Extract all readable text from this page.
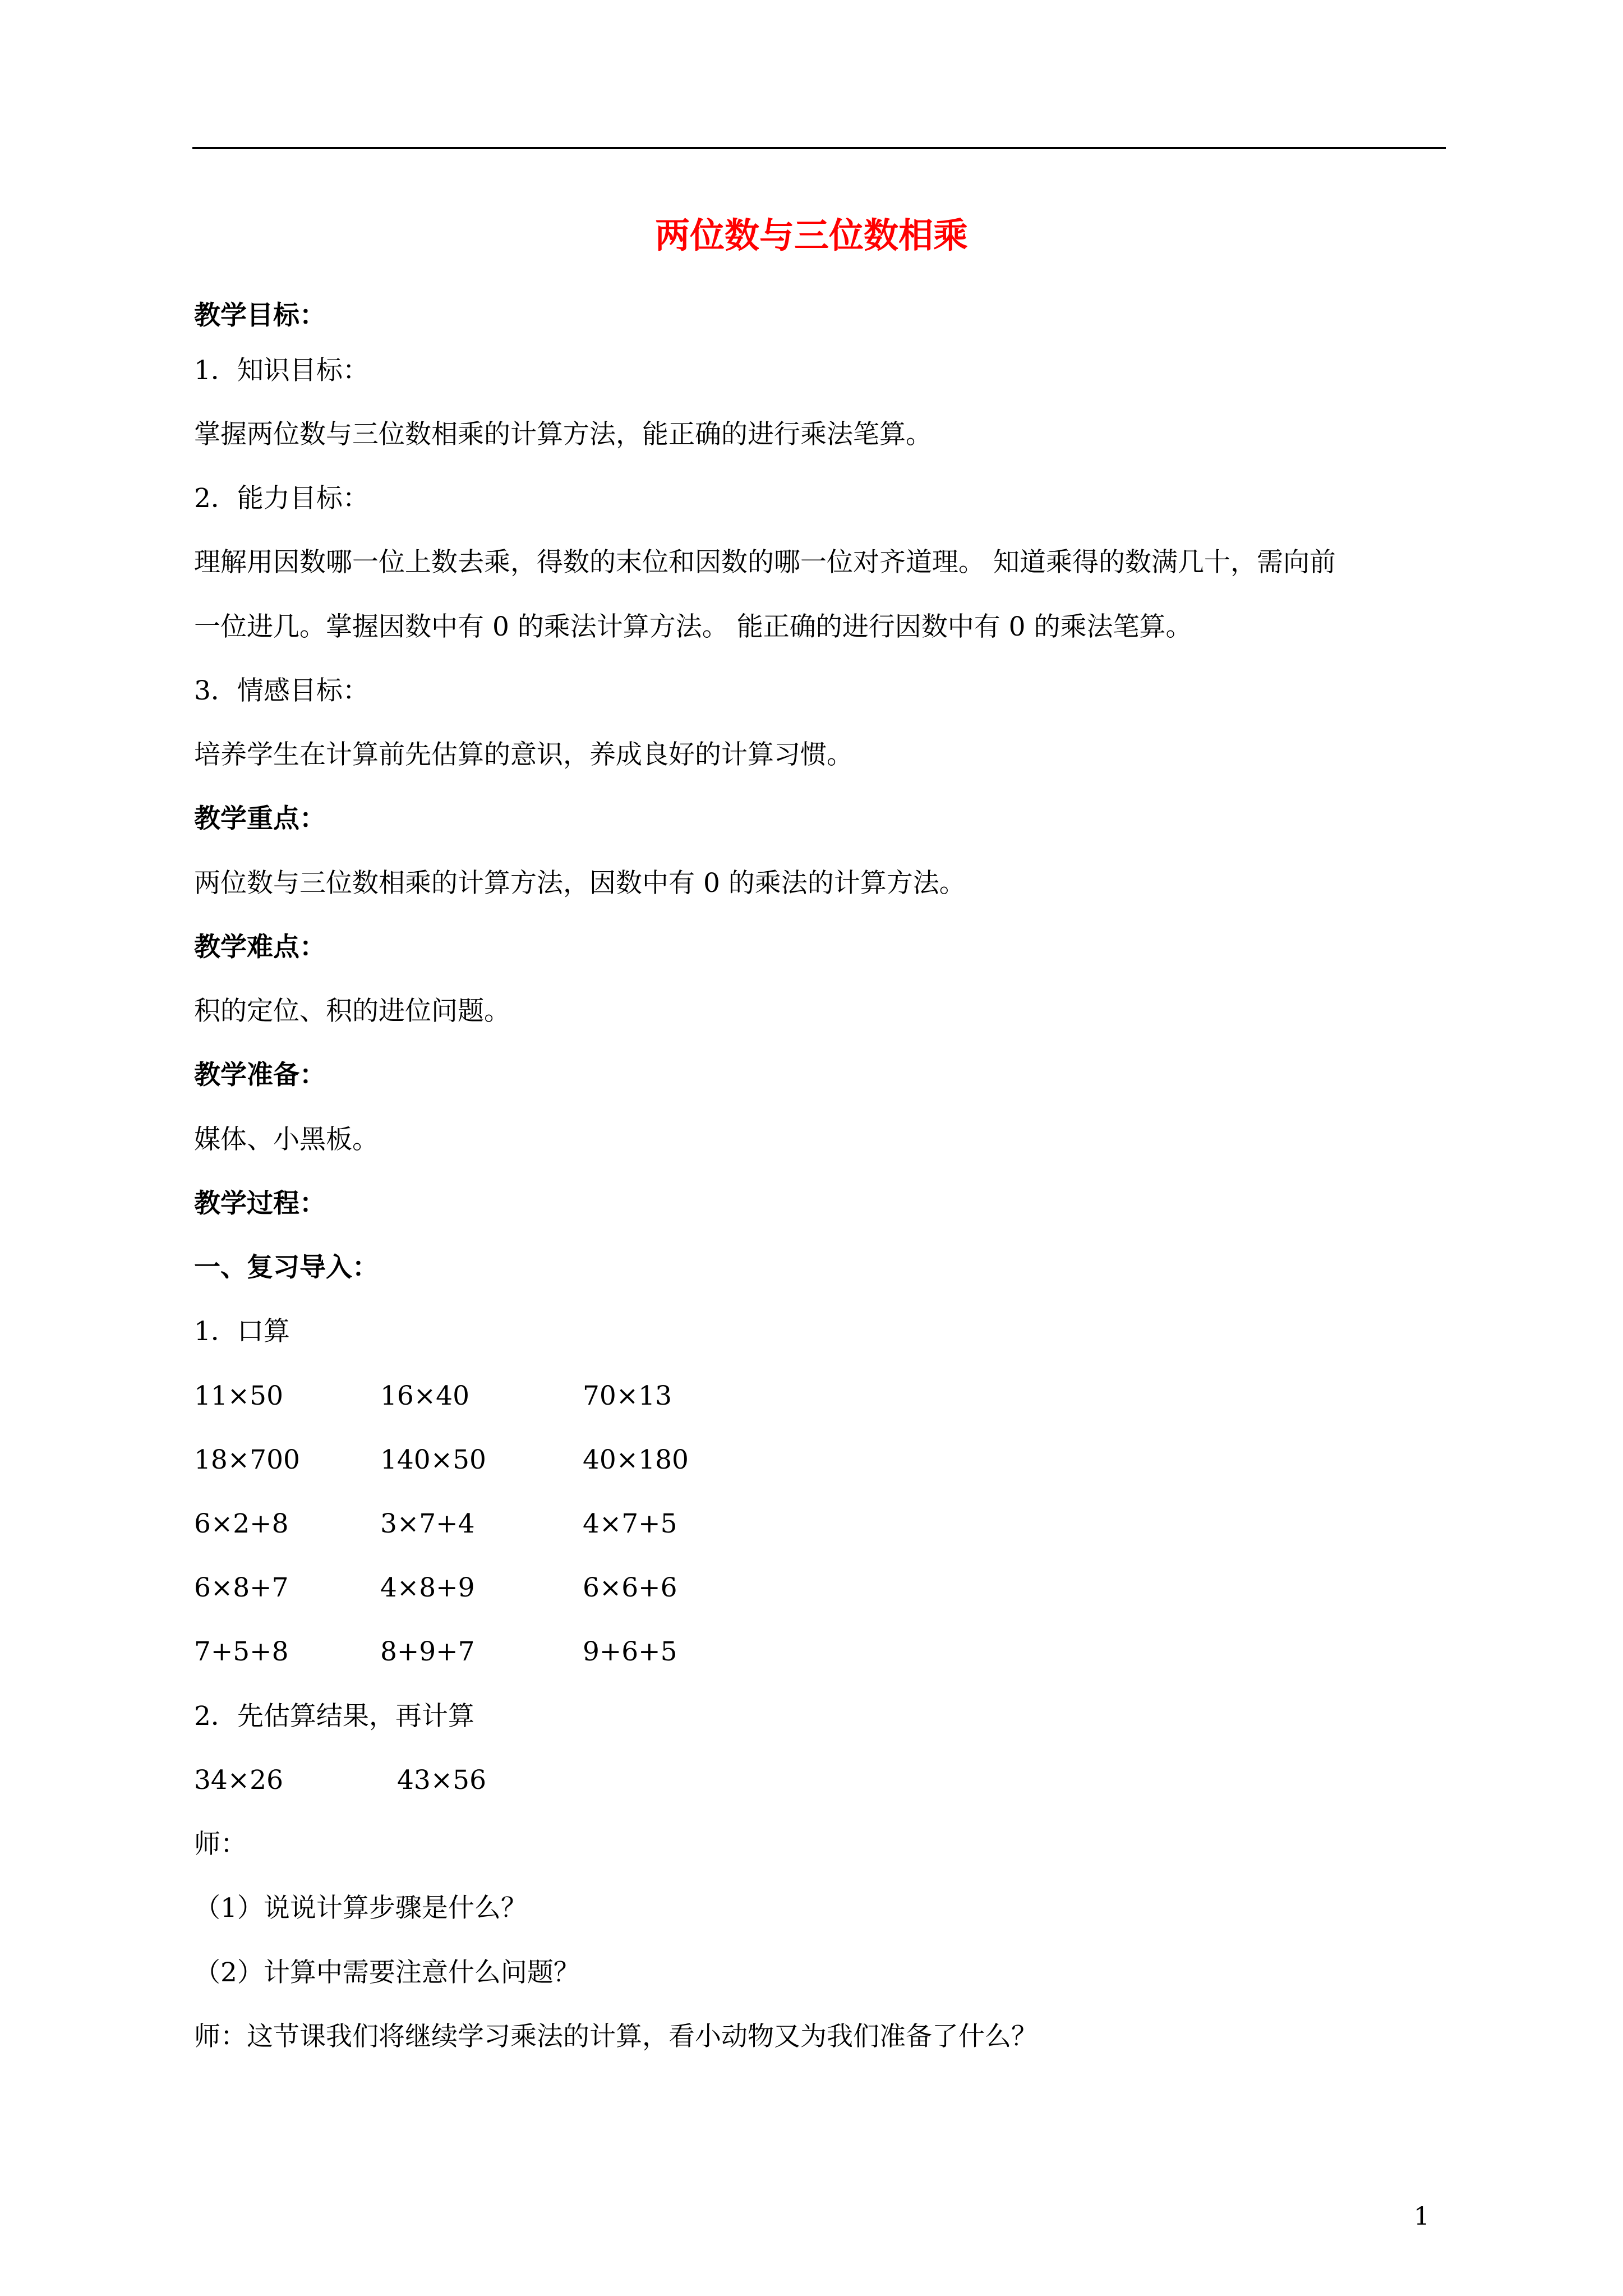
两位数与三位数相乘
教学目标：
1．知识目标：
掌握两位数与三位数相乘的计算方法，能正确的进行乘法笔算。
2．能力目标：
理解用因数哪一位上数去乘，得数的末位和因数的哪一位对齐道理。 知道乘得的数满几十，需向前
一位进几。掌握因数中有 0 的乘法计算方法。 能正确的进行因数中有 0 的乘法笔算。
3．情感目标：
培养学生在计算前先估算的意识，养成良好的计算习惯。
教学重点：
两位数与三位数相乘的计算方法，因数中有 0 的乘法的计算方法。
教学难点：
积的定位、积的进位问题。
教学准备：
媒体、小黑板。
教学过程：
一、复习导入：
1．口算
11×50	16×40	70×13
18×700	140×50	40×180
6×2+8	3×7+4	4×7+5
6×8+7	4×8+9	6×6+6
7+5+8	8+9+7	9+6+5
2．先估算结果，再计算
34×26	43×56
师：
（1）说说计算步骤是什么？
（2）计算中需要注意什么问题？
师：这节课我们将继续学习乘法的计算，看小动物又为我们准备了什么？
1
